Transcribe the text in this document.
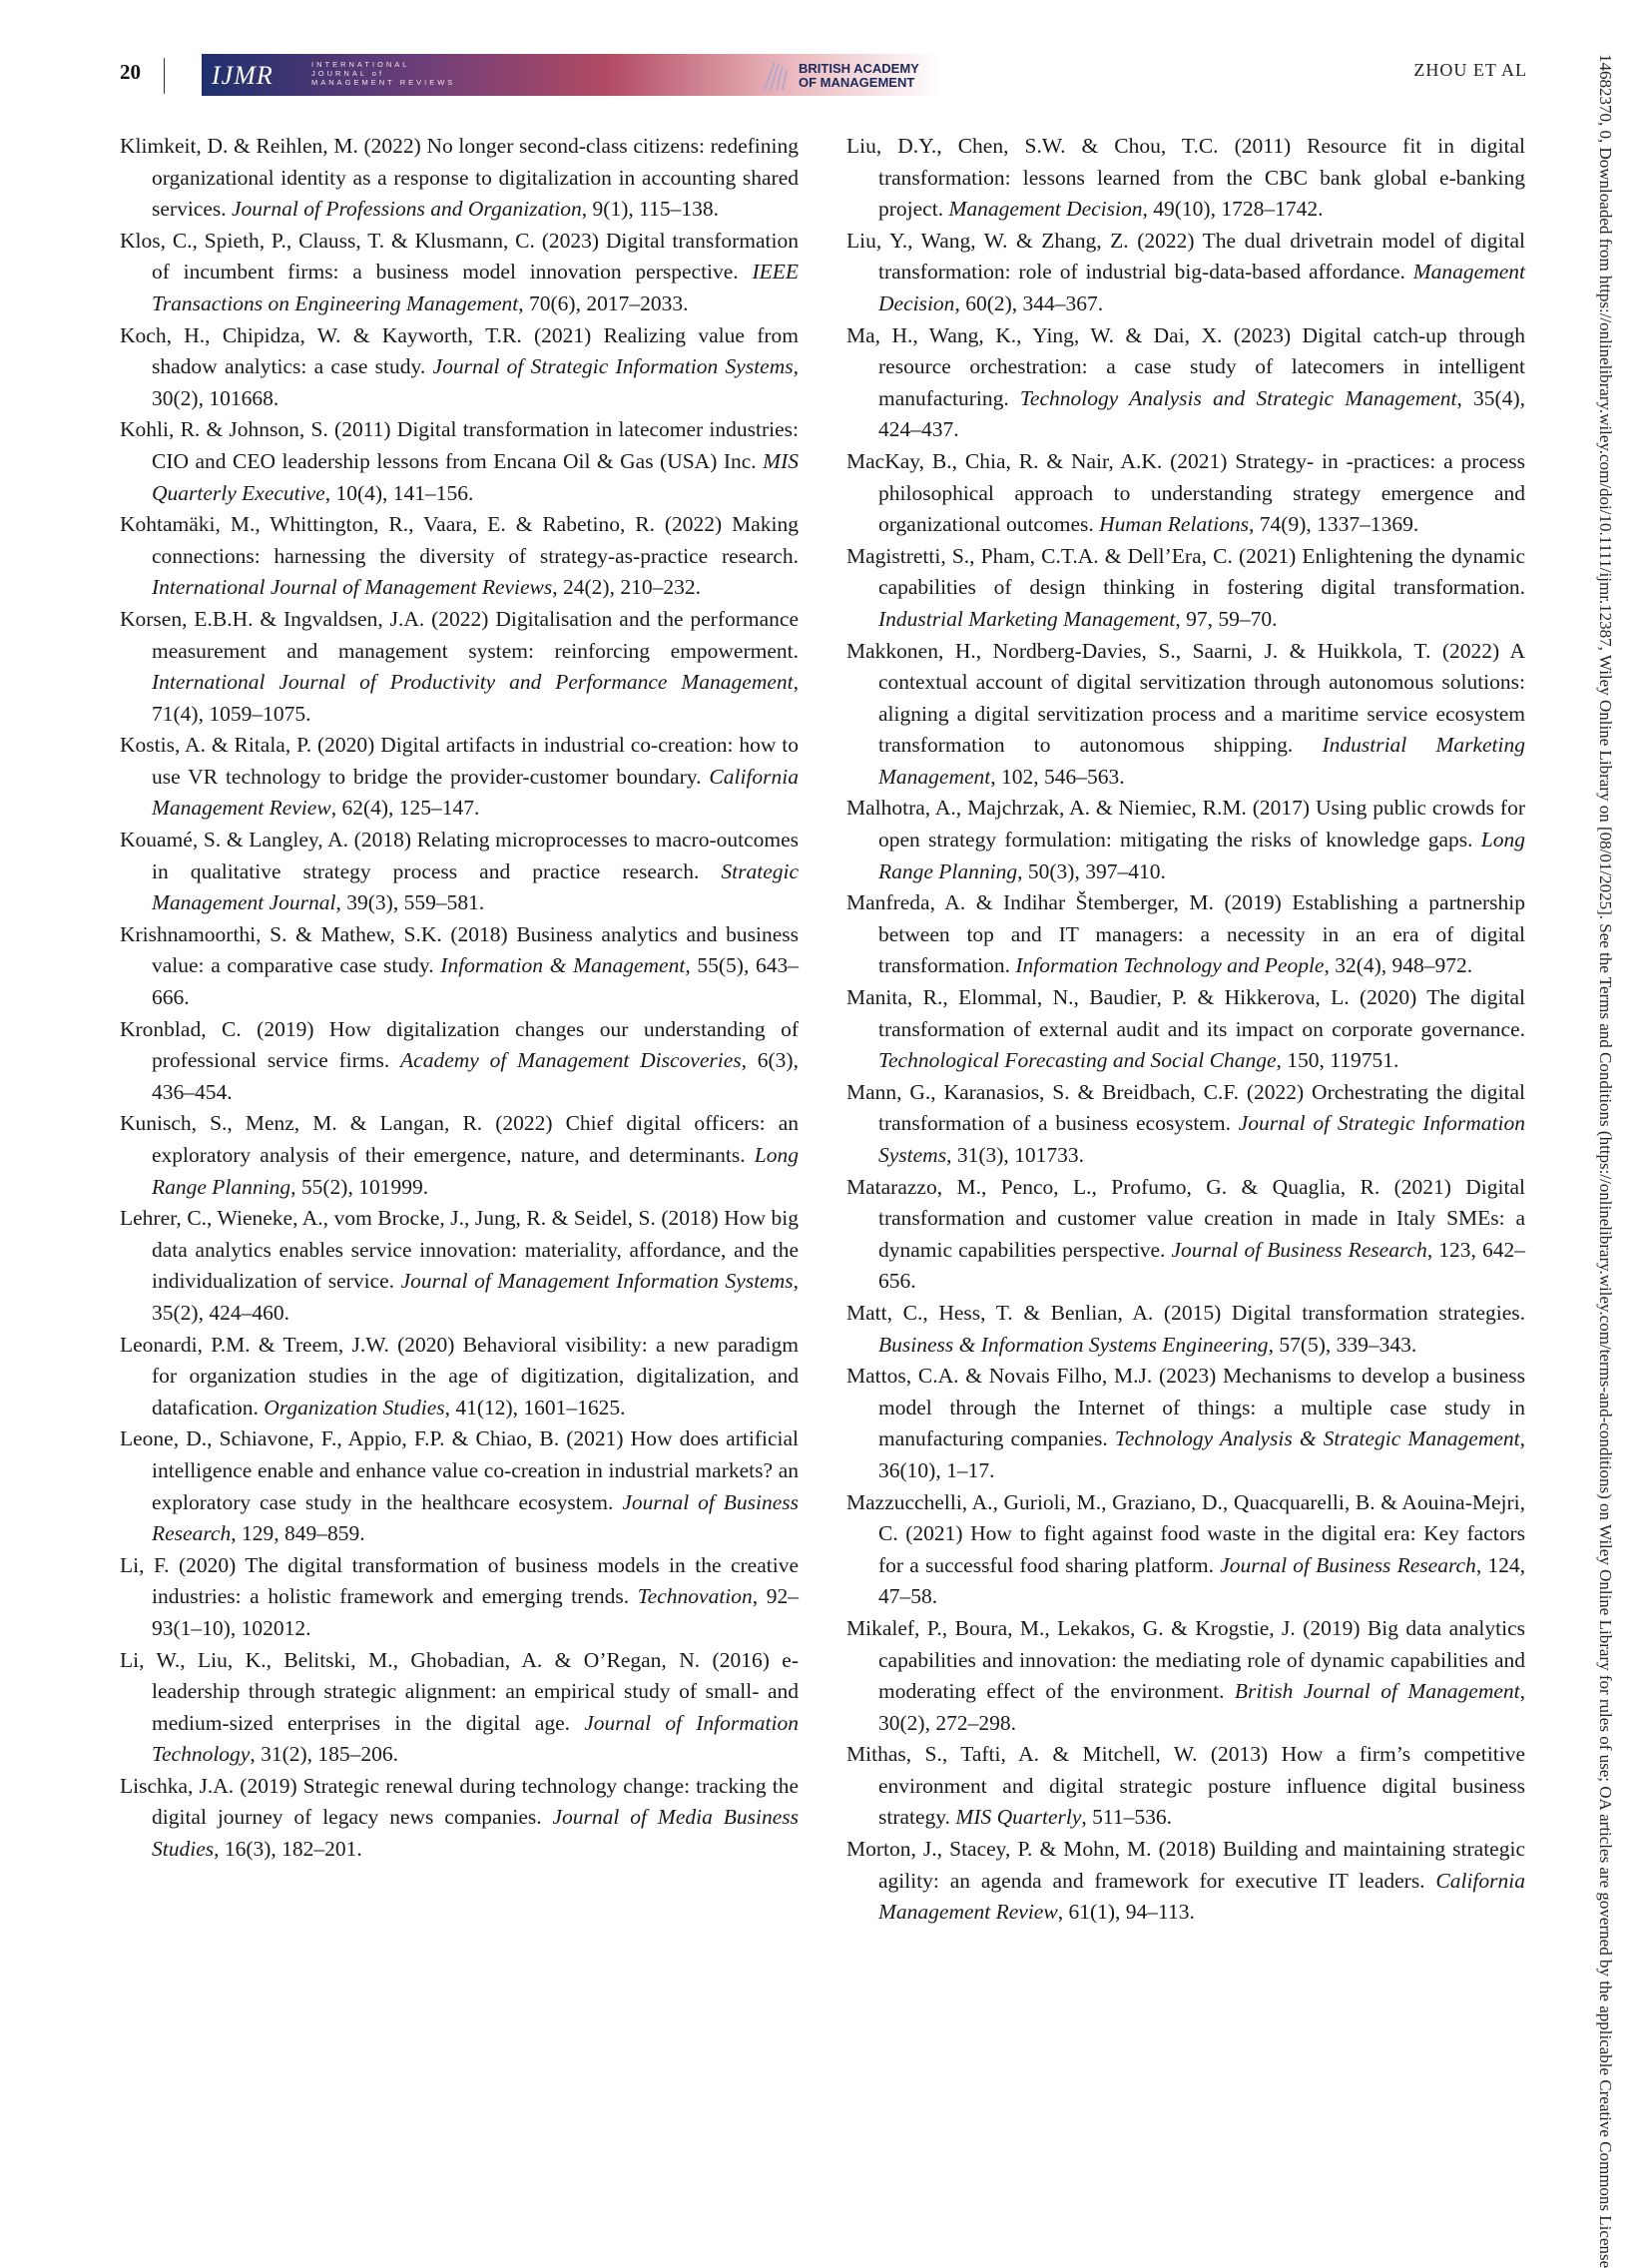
20	IJMR	INTERNATIONAL
JOURNAL of
MANAGEMENT REVIEWS
BRITISH ACADEMY
OF MANAGEMENT
ZHOU ET AL

Klimkeit, D. & Reihlen, M. (2022) No longer second-class citizens: redefining organizational identity as a response to digitalization in accounting shared services. Journal of Professions and Organization, 9(1), 115–138.

Klos, C., Spieth, P., Clauss, T. & Klusmann, C. (2023) Digital transformation of incumbent firms: a business model innovation perspective. IEEE Transactions on Engineering Management, 70(6), 2017–2033.

Koch, H., Chipidza, W. & Kayworth, T.R. (2021) Realizing value from shadow analytics: a case study. Journal of Strategic Information Systems, 30(2), 101668.

Kohli, R. & Johnson, S. (2011) Digital transformation in latecomer industries: CIO and CEO leadership lessons from Encana Oil & Gas (USA) Inc. MIS Quarterly Executive, 10(4), 141–156.

Kohtamäki, M., Whittington, R., Vaara, E. & Rabetino, R. (2022) Making connections: harnessing the diversity of strategy-as-practice research. International Journal of Management Reviews, 24(2), 210–232.

Korsen, E.B.H. & Ingvaldsen, J.A. (2022) Digitalisation and the performance measurement and management system: reinforcing empowerment. International Journal of Productivity and Performance Management, 71(4), 1059–1075.

Kostis, A. & Ritala, P. (2020) Digital artifacts in industrial co-creation: how to use VR technology to bridge the provider-customer boundary. California Management Review, 62(4), 125–147.

Kouamé, S. & Langley, A. (2018) Relating microprocesses to macro-outcomes in qualitative strategy process and practice research. Strategic Management Journal, 39(3), 559–581.

Krishnamoorthi, S. & Mathew, S.K. (2018) Business analytics and business value: a comparative case study. Information & Management, 55(5), 643–666.

Kronblad, C. (2019) How digitalization changes our understanding of professional service firms. Academy of Management Discoveries, 6(3), 436–454.

Kunisch, S., Menz, M. & Langan, R. (2022) Chief digital officers: an exploratory analysis of their emergence, nature, and determinants. Long Range Planning, 55(2), 101999.

Lehrer, C., Wieneke, A., vom Brocke, J., Jung, R. & Seidel, S. (2018) How big data analytics enables service innovation: materiality, affordance, and the individualization of service. Journal of Management Information Systems, 35(2), 424–460.

Leonardi, P.M. & Treem, J.W. (2020) Behavioral visibility: a new paradigm for organization studies in the age of digitization, digitalization, and datafication. Organization Studies, 41(12), 1601–1625.

Leone, D., Schiavone, F., Appio, F.P. & Chiao, B. (2021) How does artificial intelligence enable and enhance value co-creation in industrial markets? an exploratory case study in the healthcare ecosystem. Journal of Business Research, 129, 849–859.

Li, F. (2020) The digital transformation of business models in the creative industries: a holistic framework and emerging trends. Technovation, 92–93(1–10), 102012.

Li, W., Liu, K., Belitski, M., Ghobadian, A. & O’Regan, N. (2016) e-leadership through strategic alignment: an empirical study of small- and medium-sized enterprises in the digital age. Journal of Information Technology, 31(2), 185–206.

Lischka, J.A. (2019) Strategic renewal during technology change: tracking the digital journey of legacy news companies. Journal of Media Business Studies, 16(3), 182–201.

Liu, D.Y., Chen, S.W. & Chou, T.C. (2011) Resource fit in digital transformation: lessons learned from the CBC bank global e-banking project. Management Decision, 49(10), 1728–1742.

Liu, Y., Wang, W. & Zhang, Z. (2022) The dual drivetrain model of digital transformation: role of industrial big-data-based affordance. Management Decision, 60(2), 344–367.

Ma, H., Wang, K., Ying, W. & Dai, X. (2023) Digital catch-up through resource orchestration: a case study of latecomers in intelligent manufacturing. Technology Analysis and Strategic Management, 35(4), 424–437.

MacKay, B., Chia, R. & Nair, A.K. (2021) Strategy- in -practices: a process philosophical approach to understanding strategy emergence and organizational outcomes. Human Relations, 74(9), 1337–1369.

Magistretti, S., Pham, C.T.A. & Dell’Era, C. (2021) Enlightening the dynamic capabilities of design thinking in fostering digital transformation. Industrial Marketing Management, 97, 59–70.

Makkonen, H., Nordberg-Davies, S., Saarni, J. & Huikkola, T. (2022) A contextual account of digital servitization through autonomous solutions: aligning a digital servitization process and a maritime service ecosystem transformation to autonomous shipping. Industrial Marketing Management, 102, 546–563.

Malhotra, A., Majchrzak, A. & Niemiec, R.M. (2017) Using public crowds for open strategy formulation: mitigating the risks of knowledge gaps. Long Range Planning, 50(3), 397–410.

Manfreda, A. & Indihar Štemberger, M. (2019) Establishing a partnership between top and IT managers: a necessity in an era of digital transformation. Information Technology and People, 32(4), 948–972.

Manita, R., Elommal, N., Baudier, P. & Hikkerova, L. (2020) The digital transformation of external audit and its impact on corporate governance. Technological Forecasting and Social Change, 150, 119751.

Mann, G., Karanasios, S. & Breidbach, C.F. (2022) Orchestrating the digital transformation of a business ecosystem. Journal of Strategic Information Systems, 31(3), 101733.

Matarazzo, M., Penco, L., Profumo, G. & Quaglia, R. (2021) Digital transformation and customer value creation in made in Italy SMEs: a dynamic capabilities perspective. Journal of Business Research, 123, 642–656.

Matt, C., Hess, T. & Benlian, A. (2015) Digital transformation strategies. Business & Information Systems Engineering, 57(5), 339–343.

Mattos, C.A. & Novais Filho, M.J. (2023) Mechanisms to develop a business model through the Internet of things: a multiple case study in manufacturing companies. Technology Analysis & Strategic Management, 36(10), 1–17.

Mazzucchelli, A., Gurioli, M., Graziano, D., Quacquarelli, B. & Aouina-Mejri, C. (2021) How to fight against food waste in the digital era: Key factors for a successful food sharing platform. Journal of Business Research, 124, 47–58.

Mikalef, P., Boura, M., Lekakos, G. & Krogstie, J. (2019) Big data analytics capabilities and innovation: the mediating role of dynamic capabilities and moderating effect of the environment. British Journal of Management, 30(2), 272–298.

Mithas, S., Tafti, A. & Mitchell, W. (2013) How a firm’s competitive environment and digital strategic posture influence digital business strategy. MIS Quarterly, 511–536.

Morton, J., Stacey, P. & Mohn, M. (2018) Building and maintaining strategic agility: an agenda and framework for executive IT leaders. California Management Review, 61(1), 94–113.	14682370, 0, Downloaded from https://onlinelibrary.wiley.com/doi/10.1111/ijmr.12387, Wiley Online Library on [08/01/2025]. See the Terms and Conditions (https://onlinelibrary.wiley.com/terms-and-conditions) on Wiley Online Library for rules of use; OA articles are governed by the applicable Creative Commons License
